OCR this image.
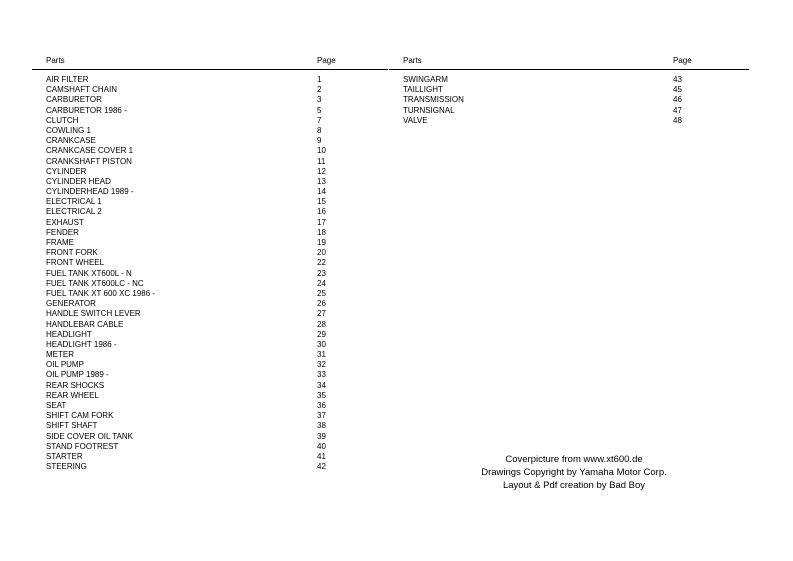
Parts	Page
AIR FILTER	1
CAMSHAFT CHAIN	2
CARBURETOR	3
CARBURETOR 1986 -	5
CLUTCH	7
COWLING 1	8
CRANKCASE	9
CRANKCASE COVER 1	10
CRANKSHAFT PISTON	11
CYLINDER	12
CYLINDER HEAD	13
CYLINDERHEAD 1989 -	14
ELECTRICAL 1	15
ELECTRICAL 2	16
EXHAUST	17
FENDER	18
FRAME	19
FRONT FORK	20
FRONT WHEEL	22
FUEL TANK XT600L - N	23
FUEL TANK XT600LC - NC	24
FUEL TANK XT 600 XC 1986 -	25
GENERATOR	26
HANDLE SWITCH LEVER	27
HANDLEBAR CABLE	28
HEADLIGHT	29
HEADLIGHT 1986 -	30
METER	31
OIL PUMP	32
OIL PUMP 1989 -	33
REAR SHOCKS	34
REAR WHEEL	35
SEAT	36
SHIFT CAM FORK	37
SHIFT SHAFT	38
SIDE COVER OIL TANK	39
STAND FOOTREST	40
STARTER	41
STEERING	42
Parts	Page
SWINGARM	43
TAILLIGHT	45
TRANSMISSION	46
TURNSIGNAL	47
VALVE	48
Coverpicture from www.xt600.de
Drawings Copyright by Yamaha Motor Corp.
Layout & Pdf creation by Bad Boy
